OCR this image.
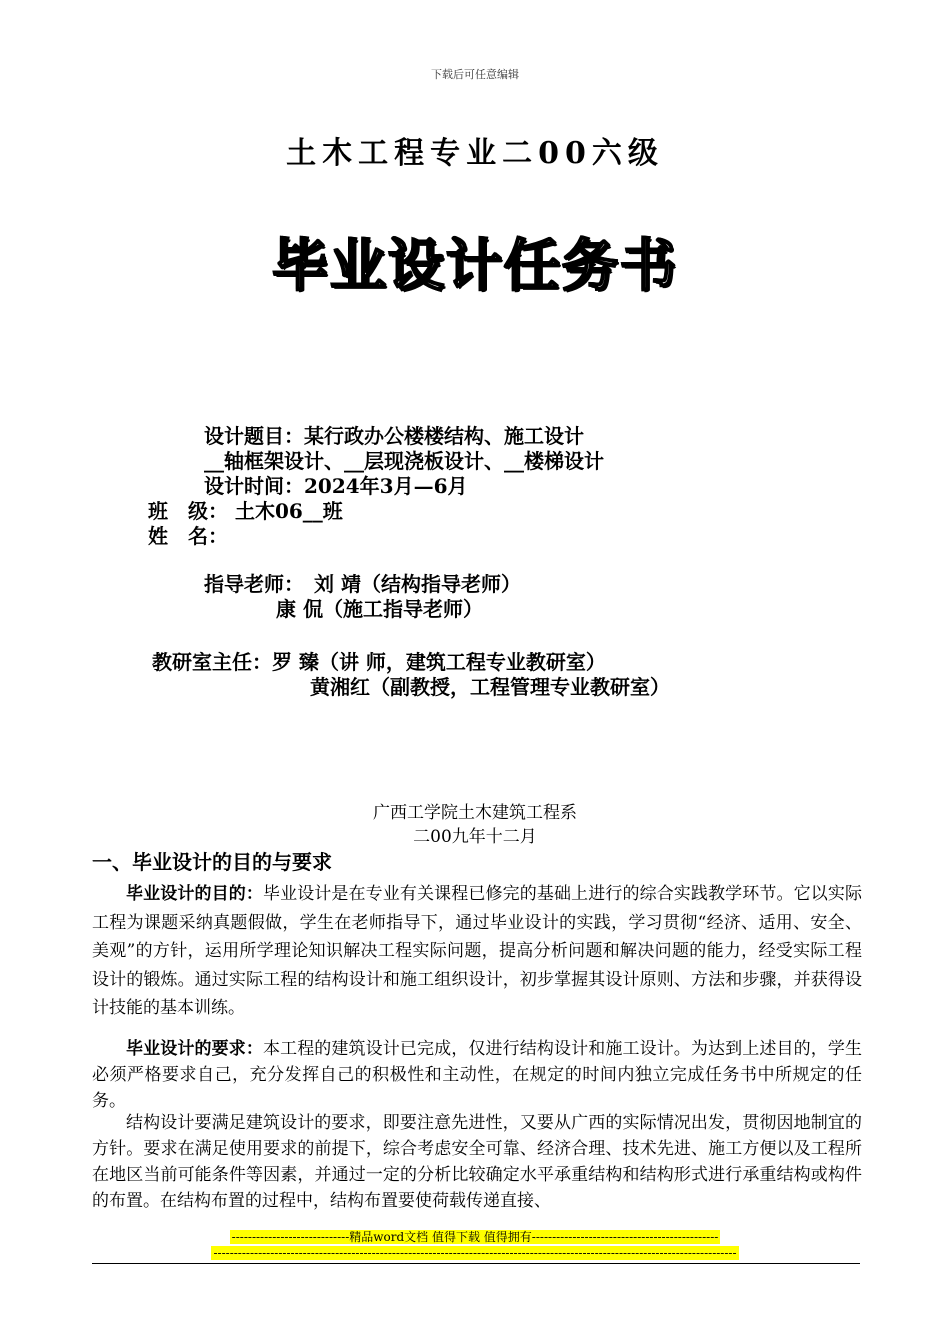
下载后可任意编辑
土木工程专业二00六级
毕业设计任务书
设计题目：某行政办公楼楼结构、施工设计
__轴框架设计、__层现浇板设计、__楼梯设计
设计时间：2024年3月—6月
班　级： 土木06__班
姓　名：
指导老师：　刘 靖（结构指导老师）
康 侃（施工指导老师）
教研室主任：罗 臻（讲 师，建筑工程专业教研室）
黄湘红（副教授，工程管理专业教研室）
广西工学院土木建筑工程系
二00九年十二月
一、毕业设计的目的与要求

毕业设计的目的：毕业设计是在专业有关课程已修完的基础上进行的综合实践教学环节。它以实际工程为课题采纳真题假做，学生在老师指导下，通过毕业设计的实践，学习贯彻“经济、适用、安全、美观”的方针，运用所学理论知识解决工程实际问题，提高分析问题和解决问题的能力，经受实际工程设计的锻炼。通过实际工程的结构设计和施工组织设计，初步掌握其设计原则、方法和步骤，并获得设计技能的基本训练。

毕业设计的要求：本工程的建筑设计已完成，仅进行结构设计和施工设计。为达到上述目的，学生必须严格要求自己，充分发挥自己的积极性和主动性，在规定的时间内独立完成任务书中所规定的任务。

结构设计要满足建筑设计的要求，即要注意先进性，又要从广西的实际情况出发，贯彻因地制宜的方针。要求在满足使用要求的前提下，综合考虑安全可靠、经济合理、技术先进、施工方便以及工程所在地区当前可能条件等因素，并通过一定的分析比较确定水平承重结构和结构形式进行承重结构或构件的布置。在结构布置的过程中，结构布置要使荷载传递直接、

-----------------------------精品word文档 值得下载 值得拥有----------------------------------------------
---------------------------------------------------------------------------------------------------------------------------------
